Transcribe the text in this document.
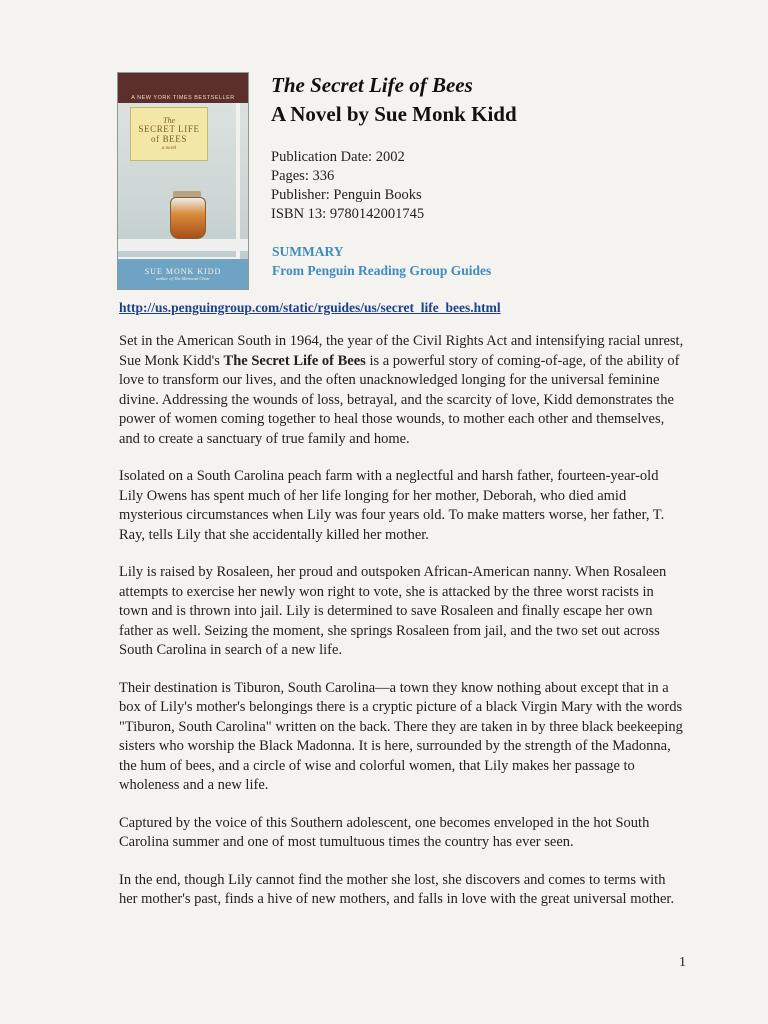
A NEW YORK TIMES BESTSELLER
The
SECRET LIFE
of BEES
a novel
SUE MONK KIDD
author of The Mermaid Chair
The Secret Life of Bees
A Novel by Sue Monk Kidd
Publication Date: 2002
Pages: 336
Publisher: Penguin Books
ISBN 13: 9780142001745
SUMMARY
From Penguin Reading Group Guides
http://us.penguingroup.com/static/rguides/us/secret_life_bees.html

Set in the American South in 1964, the year of the Civil Rights Act and intensifying racial unrest, Sue Monk Kidd's The Secret Life of Bees is a powerful story of coming-of-age, of the ability of love to transform our lives, and the often unacknowledged longing for the universal feminine divine. Addressing the wounds of loss, betrayal, and the scarcity of love, Kidd demonstrates the power of women coming together to heal those wounds, to mother each other and themselves, and to create a sanctuary of true family and home.

Isolated on a South Carolina peach farm with a neglectful and harsh father, fourteen-year-old Lily Owens has spent much of her life longing for her mother, Deborah, who died amid mysterious circumstances when Lily was four years old. To make matters worse, her father, T. Ray, tells Lily that she accidentally killed her mother.

Lily is raised by Rosaleen, her proud and outspoken African-American nanny. When Rosaleen attempts to exercise her newly won right to vote, she is attacked by the three worst racists in town and is thrown into jail. Lily is determined to save Rosaleen and finally escape her own father as well. Seizing the moment, she springs Rosaleen from jail, and the two set out across South Carolina in search of a new life.

Their destination is Tiburon, South Carolina—a town they know nothing about except that in a box of Lily's mother's belongings there is a cryptic picture of a black Virgin Mary with the words "Tiburon, South Carolina" written on the back. There they are taken in by three black beekeeping sisters who worship the Black Madonna. It is here, surrounded by the strength of the Madonna, the hum of bees, and a circle of wise and colorful women, that Lily makes her passage to wholeness and a new life.

Captured by the voice of this Southern adolescent, one becomes enveloped in the hot South Carolina summer and one of most tumultuous times the country has ever seen.

In the end, though Lily cannot find the mother she lost, she discovers and comes to terms with her mother's past, finds a hive of new mothers, and falls in love with the great universal mother.

1
